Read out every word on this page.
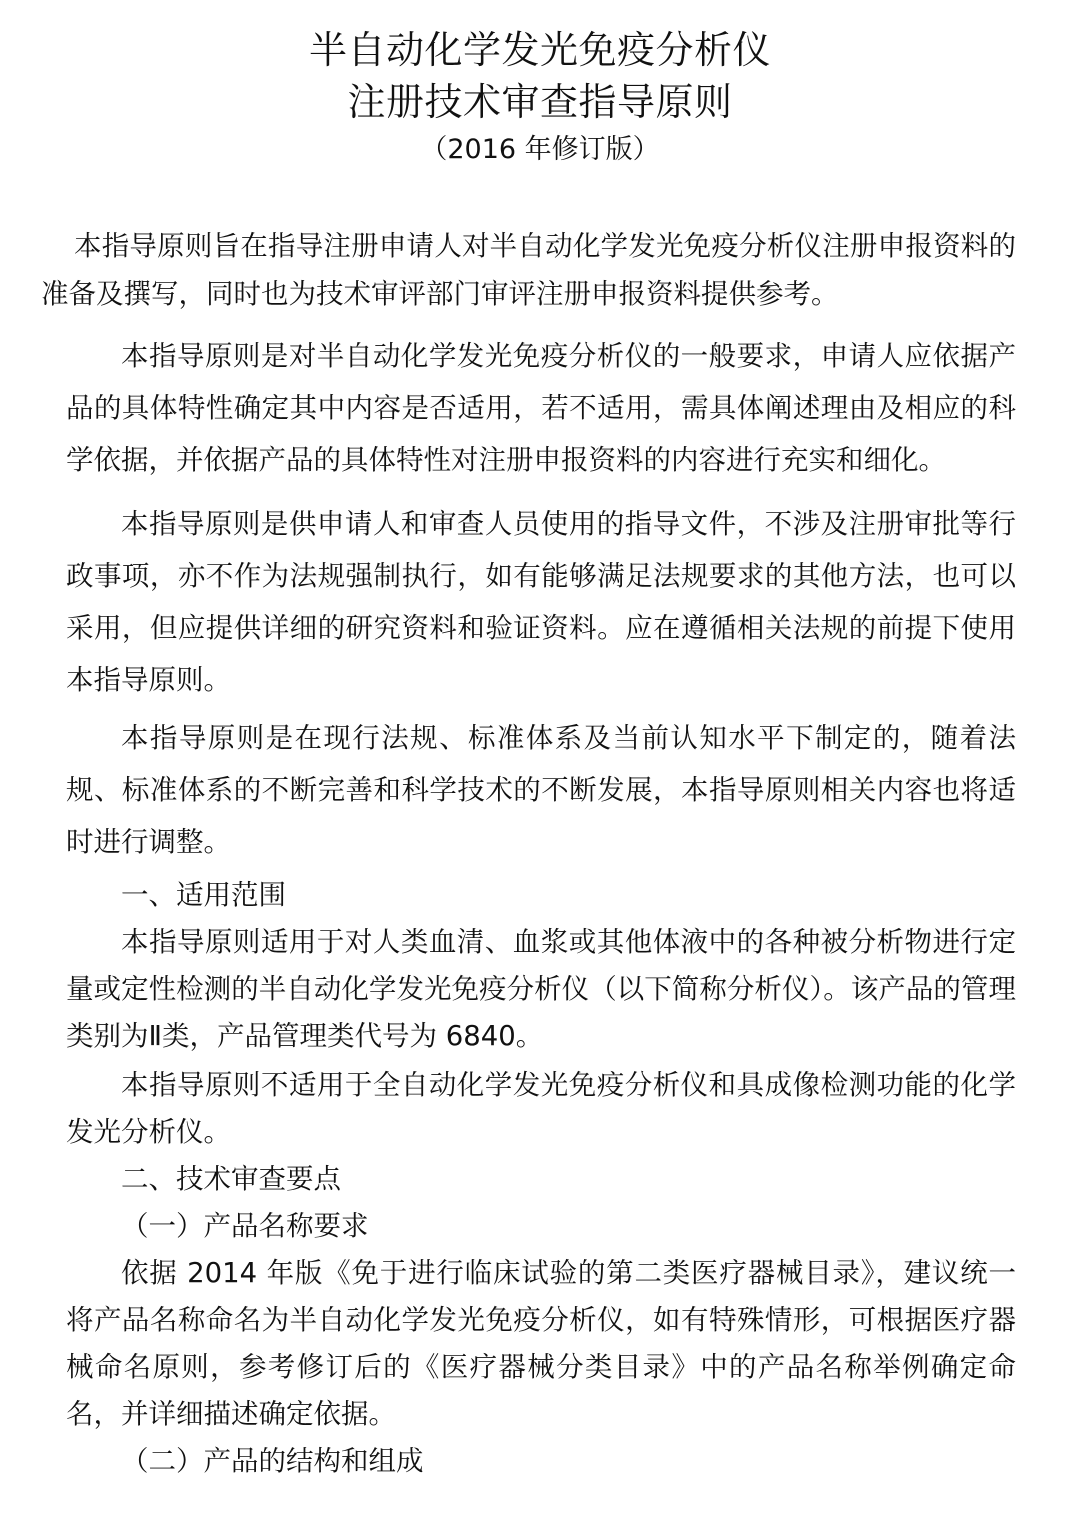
半自动化学发光免疫分析仪
注册技术审查指导原则
（2016 年修订版）

本指导原则旨在指导注册申请人对半自动化学发光免疫分析仪注册申报资料的准备及撰写，同时也为技术审评部门审评注册申报资料提供参考。

本指导原则是对半自动化学发光免疫分析仪的一般要求，申请人应依据产品的具体特性确定其中内容是否适用，若不适用，需具体阐述理由及相应的科学依据，并依据产品的具体特性对注册申报资料的内容进行充实和细化。

本指导原则是供申请人和审查人员使用的指导文件，不涉及注册审批等行政事项，亦不作为法规强制执行，如有能够满足法规要求的其他方法，也可以采用，但应提供详细的研究资料和验证资料。应在遵循相关法规的前提下使用本指导原则。

本指导原则是在现行法规、标准体系及当前认知水平下制定的，随着法规、标准体系的不断完善和科学技术的不断发展，本指导原则相关内容也将适时进行调整。

一、适用范围

本指导原则适用于对人类血清、血浆或其他体液中的各种被分析物进行定量或定性检测的半自动化学发光免疫分析仪（以下简称分析仪）。该产品的管理类别为Ⅱ类，产品管理类代号为 6840。

本指导原则不适用于全自动化学发光免疫分析仪和具成像检测功能的化学发光分析仪。

二、技术审查要点

（一）产品名称要求

依据 2014 年版《免于进行临床试验的第二类医疗器械目录》，建议统一将产品名称命名为半自动化学发光免疫分析仪，如有特殊情形，可根据医疗器械命名原则，参考修订后的《医疗器械分类目录》中的产品名称举例确定命名，并详细描述确定依据。

（二）产品的结构和组成
